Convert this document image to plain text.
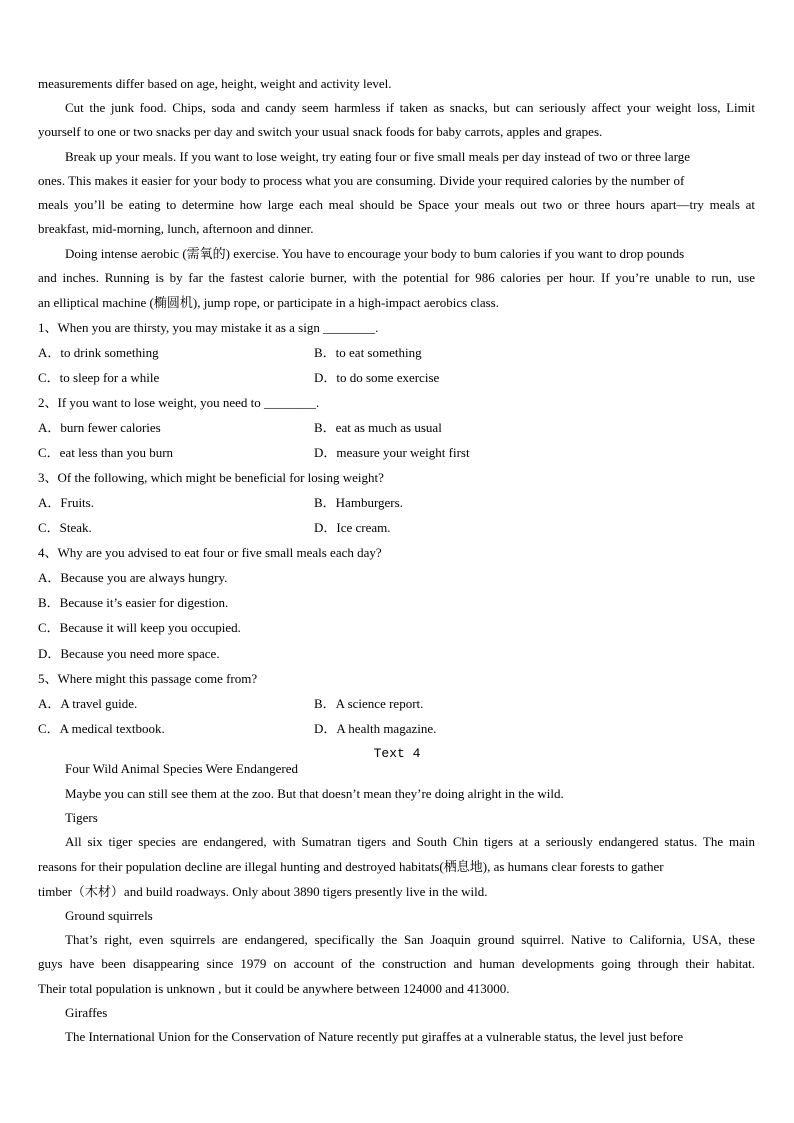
measurements differ based on age, height, weight and activity level.
Cut the junk food. Chips, soda and candy seem harmless if taken as snacks, but can seriously affect your weight loss, Limit
yourself to one or two snacks per day and switch your usual snack foods for baby carrots, apples and grapes.
Break up your meals. If you want to lose weight, try eating four or five small meals per day instead of two or three large
ones. This makes it easier for your body to process what you are consuming. Divide your required calories by the number of
meals you’ll be eating to determine how large each meal should be Space your meals out two or three hours apart—try meals at
breakfast, mid-morning, lunch, afternoon and dinner.
Doing intense aerobic (需氧的) exercise. You have to encourage your body to bum calories if you want to drop pounds
and inches. Running is by far the fastest calorie burner, with the potential for 986 calories per hour. If you’re unable to run, use
an elliptical machine (椭圆机), jump rope, or participate in a high-impact aerobics class.
1、When you are thirsty, you may mistake it as a sign ________.
A．to drink something	B．to eat something
C．to sleep for a while	D．to do some exercise
2、If you want to lose weight, you need to ________.
A．burn fewer calories	B．eat as much as usual
C．eat less than you burn	D．measure your weight first
3、Of the following, which might be beneficial for losing weight?
A．Fruits.	B．Hamburgers.
C．Steak.	D．Ice cream.
4、Why are you advised to eat four or five small meals each day?
A．Because you are always hungry.
B．Because it’s easier for digestion.
C．Because it will keep you occupied.
D．Because you need more space.
5、Where might this passage come from?
A．A travel guide.	B．A science report.
C．A medical textbook.	D．A health magazine.
Text 4
Four Wild Animal Species Were Endangered
Maybe you can still see them at the zoo. But that doesn’t mean they’re doing alright in the wild.
Tigers
All six tiger species are endangered, with Sumatran tigers and South Chin tigers at a seriously endangered status. The main
reasons for their population decline are illegal hunting and destroyed habitats(栖息地), as humans clear forests to gather
timber（木材）and build roadways. Only about 3890 tigers presently live in the wild.
Ground squirrels
That’s right, even squirrels are endangered, specifically the San Joaquin ground squirrel. Native to California, USA, these
guys have been disappearing since 1979 on account of the construction and human developments going through their habitat.
Their total population is unknown , but it could be anywhere between 124000 and 413000.
Giraffes
The International Union for the Conservation of Nature recently put giraffes at a vulnerable status, the level just before
